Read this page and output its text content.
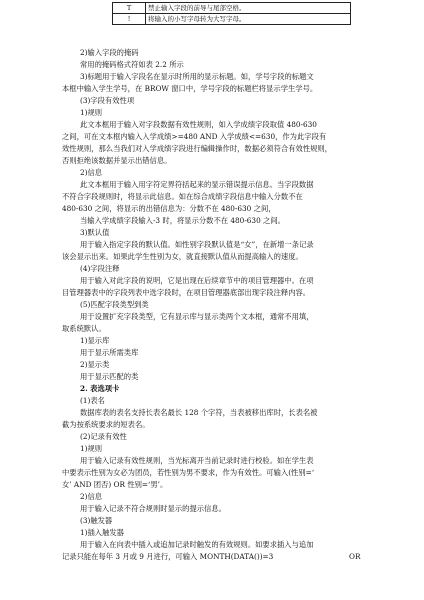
T	禁止输入字段的前导与尾部空格。
!	将输入的小写字母转为大写字母。
2)输入字段的掩码
常用的掩码格式符如表 2.2 所示
3)标题用于输入字段名在显示时所用的显示标题。如，学号字段的标题文
本框中输入学生学号，在 BROW 窗口中，学号字段的标题栏将显示学生学号。
(3)字段有效性项
1)规则
此文本框用于输入对字段数据有效性规则，如入学成绩字段取值 480-630
之间，可在文本框内输入入学成绩>=480 AND 入学成绩<=630，作为此字段有
效性规则，那么当我们对入学成绩字段进行编辑操作时，数据必须符合有效性规则，
否则拒绝该数据并显示出错信息。
2)信息
此文本框用于输入用字符定界符括起来的显示错误提示信息。当字段数据
不符合字段规则时，将显示此信息。如在综合成绩字段信息中输入分数不在
480-630 之间，将显示的出错信息为：分数不在 480-630 之间，
当输入学成绩字段输入-3 时，将显示分数不在 480-630 之间。
3)默认值
用于输入指定字段的默认值。如性别字段默认值是“女”，在新增一条记录
该会显示出来。如果此学生性别为女，就直接默认值从而提高输入的速度。
(4)字段注释
用于输入对此字段的说明，它是出现在后续章节中的项目管理器中。在项
目管理器表中的字段列表中选字段时，在项目管理器底部出现字段注释内容。
(5)匹配字段类型到类
用于设置扩充字段类型，它有显示库与显示类两个文本框，通常不用填，
取系统默认。
1)显示库
用于显示所需类库
2)显示类
用于显示匹配的类
2. 表选项卡
(1)表名
数据库表的表名支持长表名最长 128 个字符，当表被移出库时，长表名被
截为按系统要求的短表名。
(2)记录有效性
1)规则
用于输入记录有效性规则，当光标离开当前记录时进行校验。如在学生表
中要表示性别为女必为团员，若性别为男不要求，作为有效性。可输入(性别=‘
女’ AND 团否) OR 性别=‘男’。
2)信息
用于输入记录不符合规则时显示的提示信息。
(3)触发器
1)插入触发器
用于输入在向表中插入或追加记录时触发的有效规则。如要求插入与追加
记录只能在每年 3 月或 9 月进行，可输入 MONTH(DATA())=3	OR
